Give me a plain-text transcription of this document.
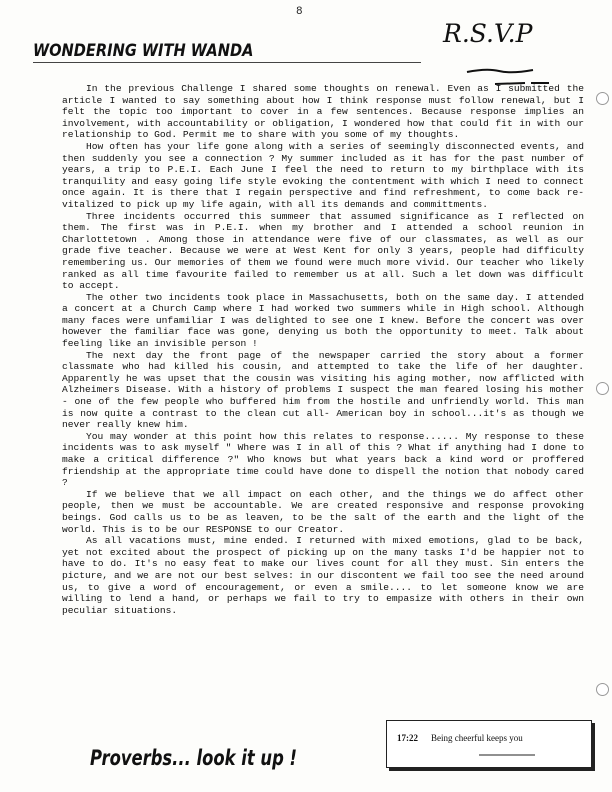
8
R.S.V.P
WONDERING WITH WANDA

In the previous Challenge I shared some thoughts on renewal. Even as I submitted the article I wanted to say something about how I think response must follow renewal, but I felt the topic too important to cover in a few sentences. Because response implies an involvement, with accountability or obligation, I wondered how that could fit in with our relationship to God. Permit me to share with you some of my thoughts.

How often has your life gone along with a series of seemingly disconnected events, and then suddenly you see a connection ? My summer included as it has for the past number of years, a trip to P.E.I. Each June I feel the need to return to my birthplace with its tranquility and easy going life style evoking the contentment with which I need to connect once again. It is there that I regain perspective and find refreshment, to come back re-vitalized to pick up my life again, with all its demands and committments.

Three incidents occurred this summeer that assumed significance as I reflected on them. The first was in P.E.I. when my brother and I attended a school reunion in Charlottetown . Among those in attendance were five of our classmates, as well as our grade five teacher. Because we were at West Kent for only 3 years, people had difficulty remembering us. Our memories of them we found were much more vivid. Our teacher who likely ranked as all time favourite failed to remember us at all. Such a let down was difficult to accept.

The other two incidents took place in Massachusetts, both on the same day. I attended a concert at a Church Camp where I had worked two summers while in High school. Although many faces were unfamiliar I was delighted to see one I knew. Before the concert was over however the familiar face was gone, denying us both the opportunity to meet. Talk about feeling like an invisible person !

The next day the front page of the newspaper carried the story about a former classmate who had killed his cousin, and attempted to take the life of her daughter. Apparently he was upset that the cousin was visiting his aging mother, now afflicted with Alzheimers Disease. With a history of problems I suspect the man feared losing his mother - one of the few people who buffered him from the hostile and unfriendly world. This man is now quite a contrast to the clean cut all- American boy in school...it's as though we never really knew him.

You may wonder at this point how this relates to response...... My response to these incidents was to ask myself " Where was I in all of this ? What if anything had I done to make a critical difference ?" Who knows but what years back a kind word or proffered friendship at the appropriate time could have done to dispell the notion that nobody cared ?

If we believe that we all impact on each other, and the things we do affect other people, then we must be accountable. We are created responsive and response provoking beings. God calls us to be as leaven, to be the salt of the earth and the light of the world. This is to be our RESPONSE to our Creator.

As all vacations must, mine ended. I returned with mixed emotions, glad to be back, yet not excited about the prospect of picking up on the many tasks I'd be happier not to have to do. It's no easy feat to make our lives count for all they must. Sin enters the picture, and we are not our best selves: in our discontent we fail too see the need around us, to give a word of encouragement, or even a smile.... to let someone know we are willing to lend a hand, or perhaps we fail to try to empasize with others in their own peculiar situations.

Proverbs... look it up !
17:22 Being cheerful keeps you
